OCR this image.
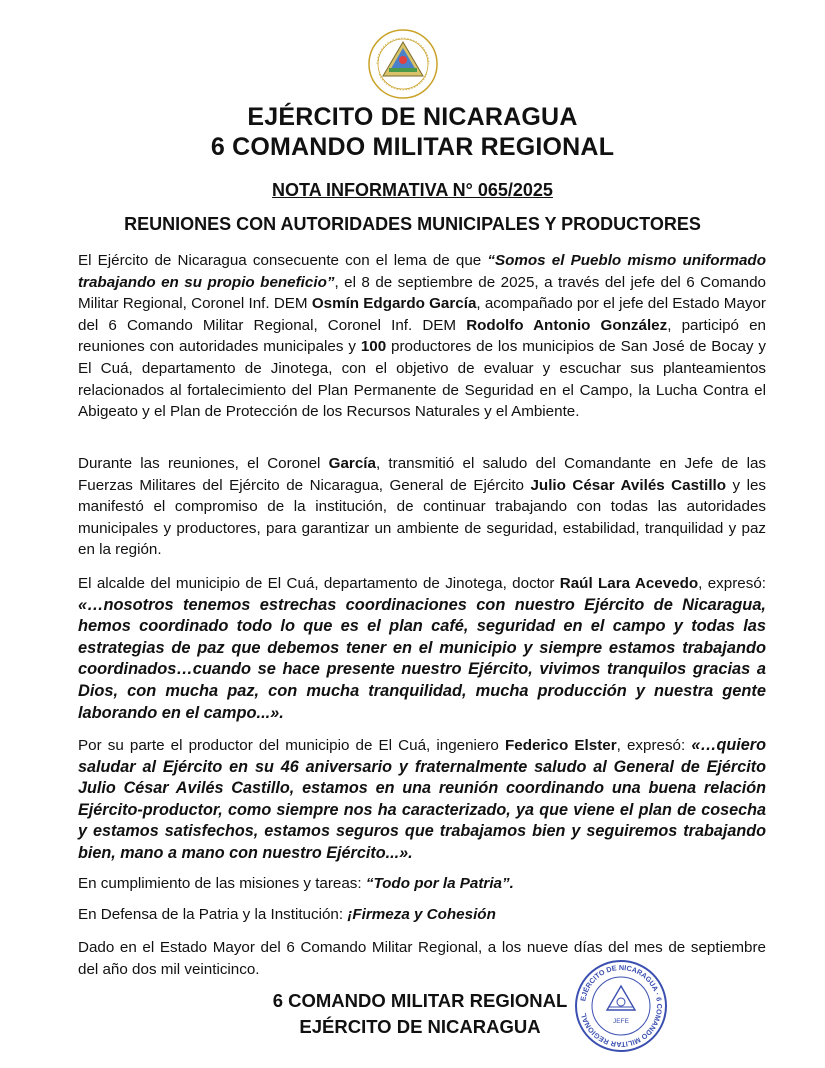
EJÉRCITO DE NICARAGUA
6 COMANDO MILITAR REGIONAL
NOTA INFORMATIVA N° 065/2025
REUNIONES CON AUTORIDADES MUNICIPALES Y PRODUCTORES

El Ejército de Nicaragua consecuente con el lema de que “Somos el Pueblo mismo uniformado trabajando en su propio beneficio”, el 8 de septiembre de 2025, a través del jefe del 6 Comando Militar Regional, Coronel Inf. DEM Osmín Edgardo García, acompañado por el jefe del Estado Mayor del 6 Comando Militar Regional, Coronel Inf. DEM Rodolfo Antonio González, participó en reuniones con autoridades municipales y 100 productores de los municipios de San José de Bocay y El Cuá, departamento de Jinotega, con el objetivo de evaluar y escuchar sus planteamientos relacionados al fortalecimiento del Plan Permanente de Seguridad en el Campo, la Lucha Contra el Abigeato y el Plan de Protección de los Recursos Naturales y el Ambiente.

Durante las reuniones, el Coronel García, transmitió el saludo del Comandante en Jefe de las Fuerzas Militares del Ejército de Nicaragua, General de Ejército Julio César Avilés Castillo y les manifestó el compromiso de la institución, de continuar trabajando con todas las autoridades municipales y productores, para garantizar un ambiente de seguridad, estabilidad, tranquilidad y paz en la región.

El alcalde del municipio de El Cuá, departamento de Jinotega, doctor Raúl Lara Acevedo, expresó: «…nosotros tenemos estrechas coordinaciones con nuestro Ejército de Nicaragua, hemos coordinado todo lo que es el plan café, seguridad en el campo y todas las estrategias de paz que debemos tener en el municipio y siempre estamos trabajando coordinados…cuando se hace presente nuestro Ejército, vivimos tranquilos gracias a Dios, con mucha paz, con mucha tranquilidad, mucha producción y nuestra gente laborando en el campo...».

Por su parte el productor del municipio de El Cuá, ingeniero Federico Elster, expresó: «…quiero saludar al Ejército en su 46 aniversario y fraternalmente saludo al General de Ejército Julio César Avilés Castillo, estamos en una reunión coordinando una buena relación Ejército-productor, como siempre nos ha caracterizado, ya que viene el plan de cosecha y estamos satisfechos, estamos seguros que trabajamos bien y seguiremos trabajando bien, mano a mano con nuestro Ejército...».

En cumplimiento de las misiones y tareas: “Todo por la Patria”.

En Defensa de la Patria y la Institución: ¡Firmeza y Cohesión

Dado en el Estado Mayor del 6 Comando Militar Regional, a los nueve días del mes de septiembre del año dos mil veinticinco.

6 COMANDO MILITAR REGIONAL
EJÉRCITO DE NICARAGUA
EJÉRCITO DE NICARAGUA · 6 COMANDO MILITAR REGIONAL
JEFE
